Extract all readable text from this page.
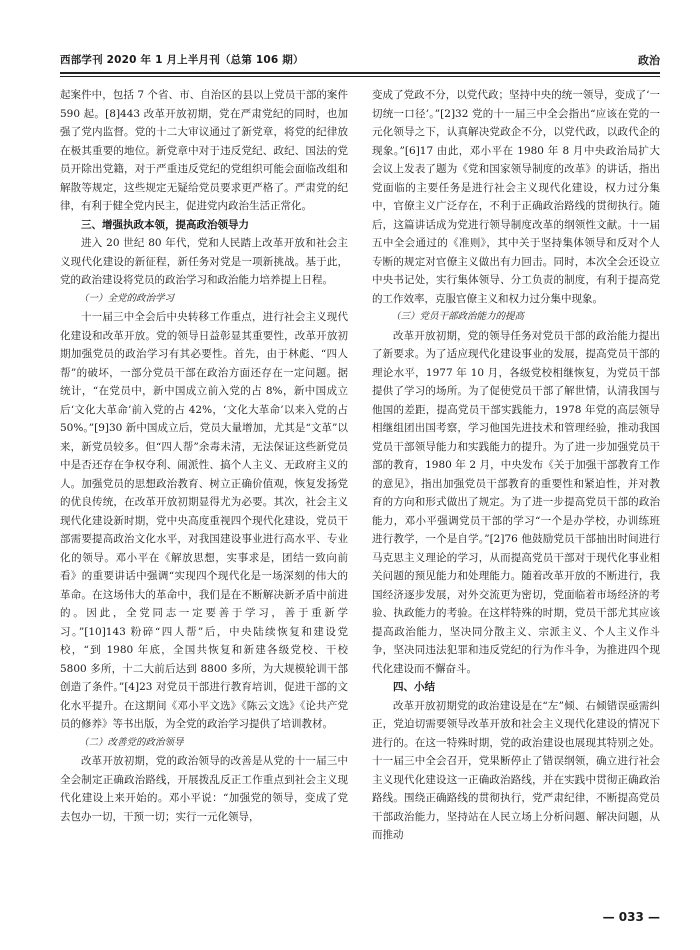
西部学刊 2020 年 1 月上半月刊（总第 106 期）	政治

起案件中，包括 7 个省、市、自治区的县以上党员干部的案件 590 起。[8]443 改革开放初期，党在严肃党纪的同时，也加强了党内监督。党的十二大审议通过了新党章，将党的纪律放在极其重要的地位。新党章中对于违反党纪、政纪、国法的党员开除出党籍，对于严重违反党纪的党组织可能会面临改组和解散等规定，这些规定无疑给党员要求更严格了。严肃党的纪律，有利于健全党内民主，促进党内政治生活正常化。

三、增强执政本领，提高政治领导力

进入 20 世纪 80 年代，党和人民踏上改革开放和社会主义现代化建设的新征程，新任务对党是一项新挑战。基于此，党的政治建设将党员的政治学习和政治能力培养提上日程。

（一）全党的政治学习

十一届三中全会后中央转移工作重点，进行社会主义现代化建设和改革开放。党的领导日益彰显其重要性，改革开放初期加强党员的政治学习有其必要性。首先，由于林彪、“四人帮”的破坏，一部分党员干部在政治方面还存在一定问题。据统计，“在党员中，新中国成立前入党的占 8%，新中国成立后‘文化大革命’前入党的占 42%，‘文化大革命’以来入党的占 50%。”[9]30 新中国成立后，党员大量增加，尤其是“文革”以来，新党员较多。但“四人帮”余毒未清，无法保证这些新党员中是否还存在争权夺利、闹派性、搞个人主义、无政府主义的人。加强党员的思想政治教育、树立正确价值观，恢复发扬党的优良传统，在改革开放初期显得尤为必要。其次，社会主义现代化建设新时期，党中央高度重视四个现代化建设，党员干部需要提高政治文化水平，对我国建设事业进行高水平、专业化的领导。邓小平在《解放思想，实事求是，团结一致向前看》的重要讲话中强调“实现四个现代化是一场深刻的伟大的革命。在这场伟大的革命中，我们是在不断解决新矛盾中前进的。因此，全党同志一定要善于学习，善于重新学习。”[10]143 粉碎“四人帮”后，中央陆续恢复和建设党校，“到 1980 年底，全国共恢复和新建各级党校、干校 5800 多所，十二大前后达到 8800 多所，为大规模轮训干部创造了条件。”[4]23 对党员干部进行教育培训，促进干部的文化水平提升。在这期间《邓小平文选》《陈云文选》《论共产党员的修养》等书出版，为全党的政治学习提供了培训教材。

（二）改善党的政治领导

改革开放初期，党的政治领导的改善是从党的十一届三中全会制定正确政治路线，开展拨乱反正工作重点到社会主义现代化建设上来开始的。邓小平说：“加强党的领导，变成了党去包办一切，干预一切；实行一元化领导，

变成了党政不分，以党代政；坚持中央的统一领导，变成了‘一切统一口径’。”[2]32 党的十一届三中全会指出“应该在党的一元化领导之下，认真解决党政企不分，以党代政，以政代企的现象。”[6]17 由此，邓小平在 1980 年 8 月中央政治局扩大会议上发表了题为《党和国家领导制度的改革》的讲话，指出党面临的主要任务是进行社会主义现代化建设，权力过分集中，官僚主义广泛存在，不利于正确政治路线的贯彻执行。随后，这篇讲话成为党进行领导制度改革的纲领性文献。十一届五中全会通过的《准则》，其中关于坚持集体领导和反对个人专断的规定对官僚主义做出有力回击。同时，本次全会还设立中央书记处，实行集体领导、分工负责的制度，有利于提高党的工作效率，克服官僚主义和权力过分集中现象。

（三）党员干部政治能力的提高

改革开放初期，党的领导任务对党员干部的政治能力提出了新要求。为了适应现代化建设事业的发展，提高党员干部的理论水平，1977 年 10 月，各级党校相继恢复，为党员干部提供了学习的场所。为了促使党员干部了解世情，认清我国与他国的差距，提高党员干部实践能力，1978 年党的高层领导相继组团出国考察，学习他国先进技术和管理经验，推动我国党员干部领导能力和实践能力的提升。为了进一步加强党员干部的教育，1980 年 2 月，中央发布《关于加强干部教育工作的意见》，指出加强党员干部教育的重要性和紧迫性，并对教育的方向和形式做出了规定。为了进一步提高党员干部的政治能力，邓小平强调党员干部的学习“一个是办学校，办训练班进行教学，一个是自学。”[2]76 他鼓励党员干部抽出时间进行马克思主义理论的学习，从而提高党员干部对于现代化事业相关问题的预见能力和处理能力。随着改革开放的不断进行，我国经济逐步发展，对外交流更为密切，党面临着市场经济的考验、执政能力的考验。在这样特殊的时期，党员干部尤其应该提高政治能力，坚决同分散主义、宗派主义、个人主义作斗争，坚决同违法犯罪和违反党纪的行为作斗争，为推进四个现代化建设而不懈奋斗。

四、小结

改革开放初期党的政治建设是在“左”倾、右倾错误亟需纠正，党迫切需要领导改革开放和社会主义现代化建设的情况下进行的。在这一特殊时期，党的政治建设也展现其特别之处。十一届三中全会召开，党果断停止了错误纲领，确立进行社会主义现代化建设这一正确政治路线，并在实践中贯彻正确政治路线。围绕正确路线的贯彻执行，党严肃纪律，不断提高党员干部政治能力，坚持站在人民立场上分析问题、解决问题，从而推动

— 033 —
